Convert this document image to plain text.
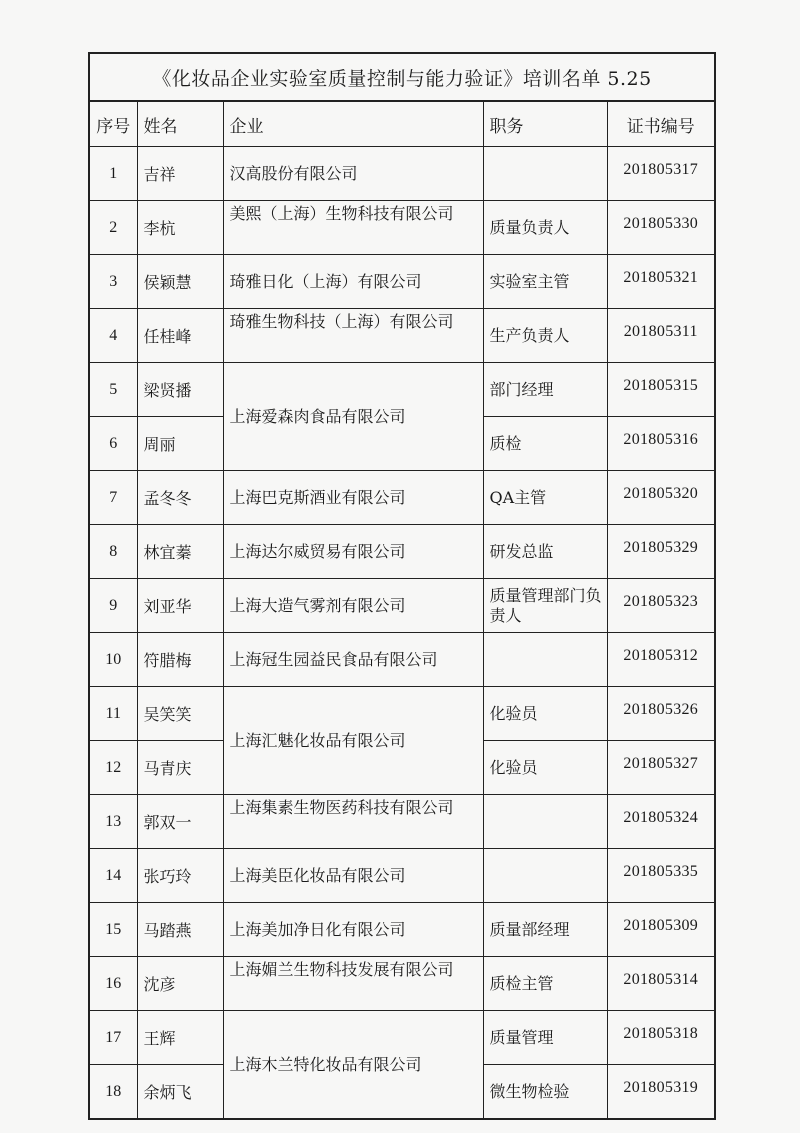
《化妆品企业实验室质量控制与能力验证》培训名单 5.25				
序号	姓名	企业	职务	证书编号
1	吉祥	汉高股份有限公司		201805317
2	李杭	美熙（上海）生物科技有限公司	质量负责人	201805330
3	侯颖慧	琦雅日化（上海）有限公司	实验室主管	201805321
4	任桂峰	琦雅生物科技（上海）有限公司	生产负责人	201805311
5	梁贤播	上海爱森肉食品有限公司	部门经理	201805315
6	周丽		质检	201805316
7	孟冬冬	上海巴克斯酒业有限公司	QA主管	201805320
8	林宜蓁	上海达尔威贸易有限公司	研发总监	201805329
9	刘亚华	上海大造气雾剂有限公司	质量管理部门负责人	201805323
10	符腊梅	上海冠生园益民食品有限公司		201805312
11	吴笑笑	上海汇魅化妆品有限公司	化验员	201805326
12	马青庆		化验员	201805327
13	郭双一	上海集素生物医药科技有限公司		201805324
14	张巧玲	上海美臣化妆品有限公司		201805335
15	马踏燕	上海美加净日化有限公司	质量部经理	201805309
16	沈彦	上海媚兰生物科技发展有限公司	质检主管	201805314
17	王辉	上海木兰特化妆品有限公司	质量管理	201805318
18	余炳飞		微生物检验	201805319
